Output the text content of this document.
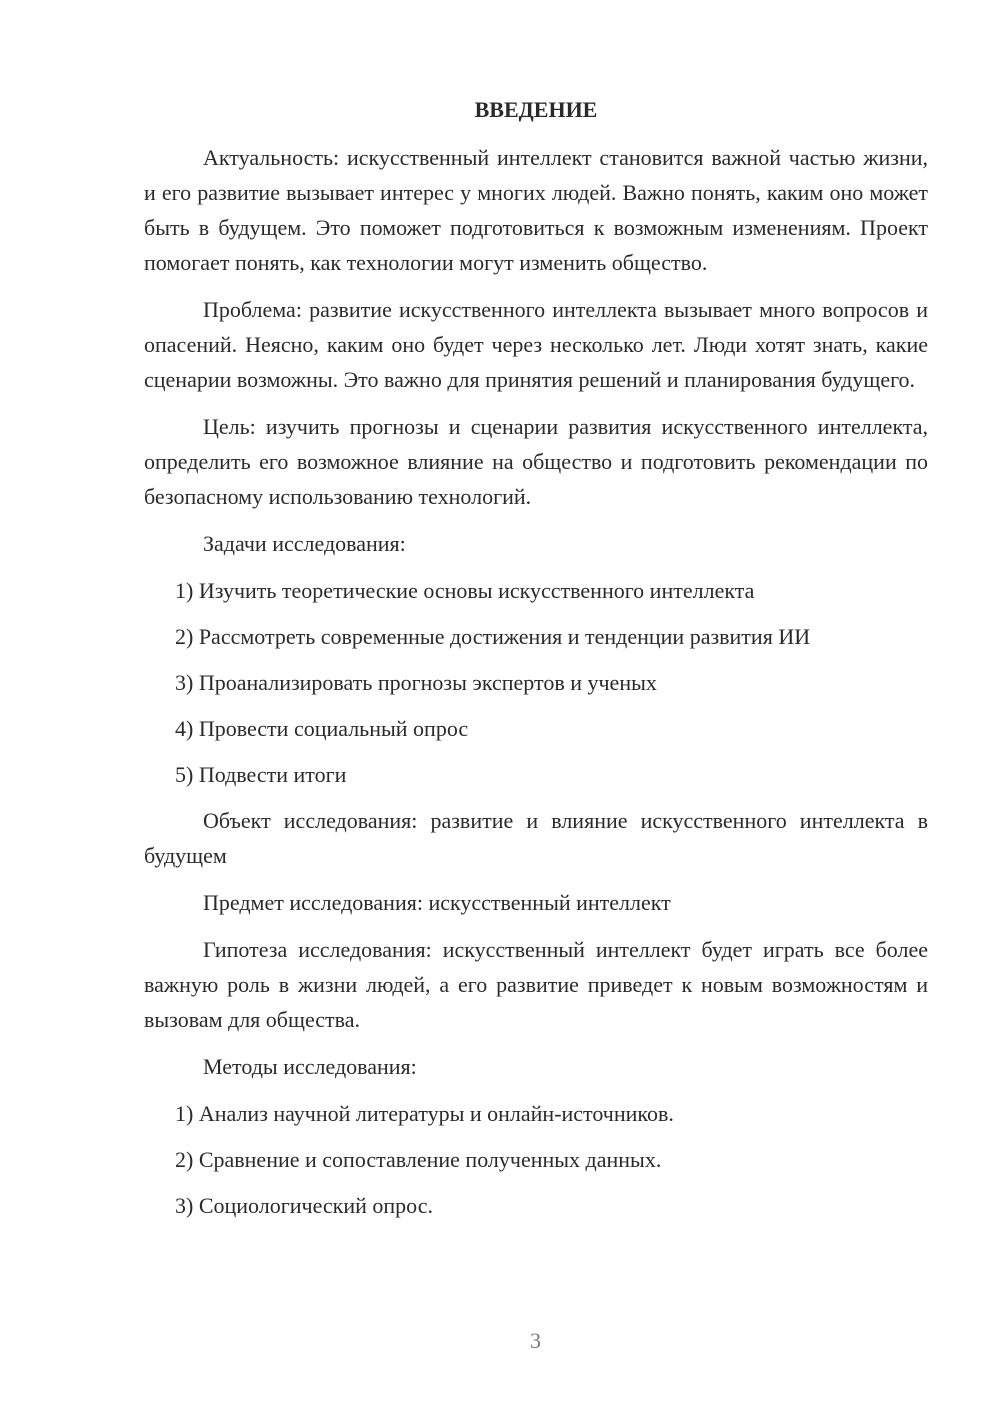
ВВЕДЕНИЕ

Актуальность: искусственный интеллект становится важной частью жизни, и его развитие вызывает интерес у многих людей. Важно понять, каким оно может быть в будущем. Это поможет подготовиться к возможным изменениям. Проект помогает понять, как технологии могут изменить общество.

Проблема: развитие искусственного интеллекта вызывает много вопросов и опасений. Неясно, каким оно будет через несколько лет. Люди хотят знать, какие сценарии возможны. Это важно для принятия решений и планирования будущего.

Цель: изучить прогнозы и сценарии развития искусственного интеллекта, определить его возможное влияние на общество и подготовить рекомендации по безопасному использованию технологий.

Задачи исследования:
1) Изучить теоретические основы искусственного интеллекта
2) Рассмотреть современные достижения и тенденции развития ИИ
3) Проанализировать прогнозы экспертов и ученых
4) Провести социальный опрос
5) Подвести итоги

Объект исследования: развитие и влияние искусственного интеллекта в будущем

Предмет исследования: искусственный интеллект

Гипотеза исследования: искусственный интеллект будет играть все более важную роль в жизни людей, а его развитие приведет к новым возможностям и вызовам для общества.

Методы исследования:
1) Анализ научной литературы и онлайн-источников.
2) Сравнение и сопоставление полученных данных.
3) Социологический опрос.
3
